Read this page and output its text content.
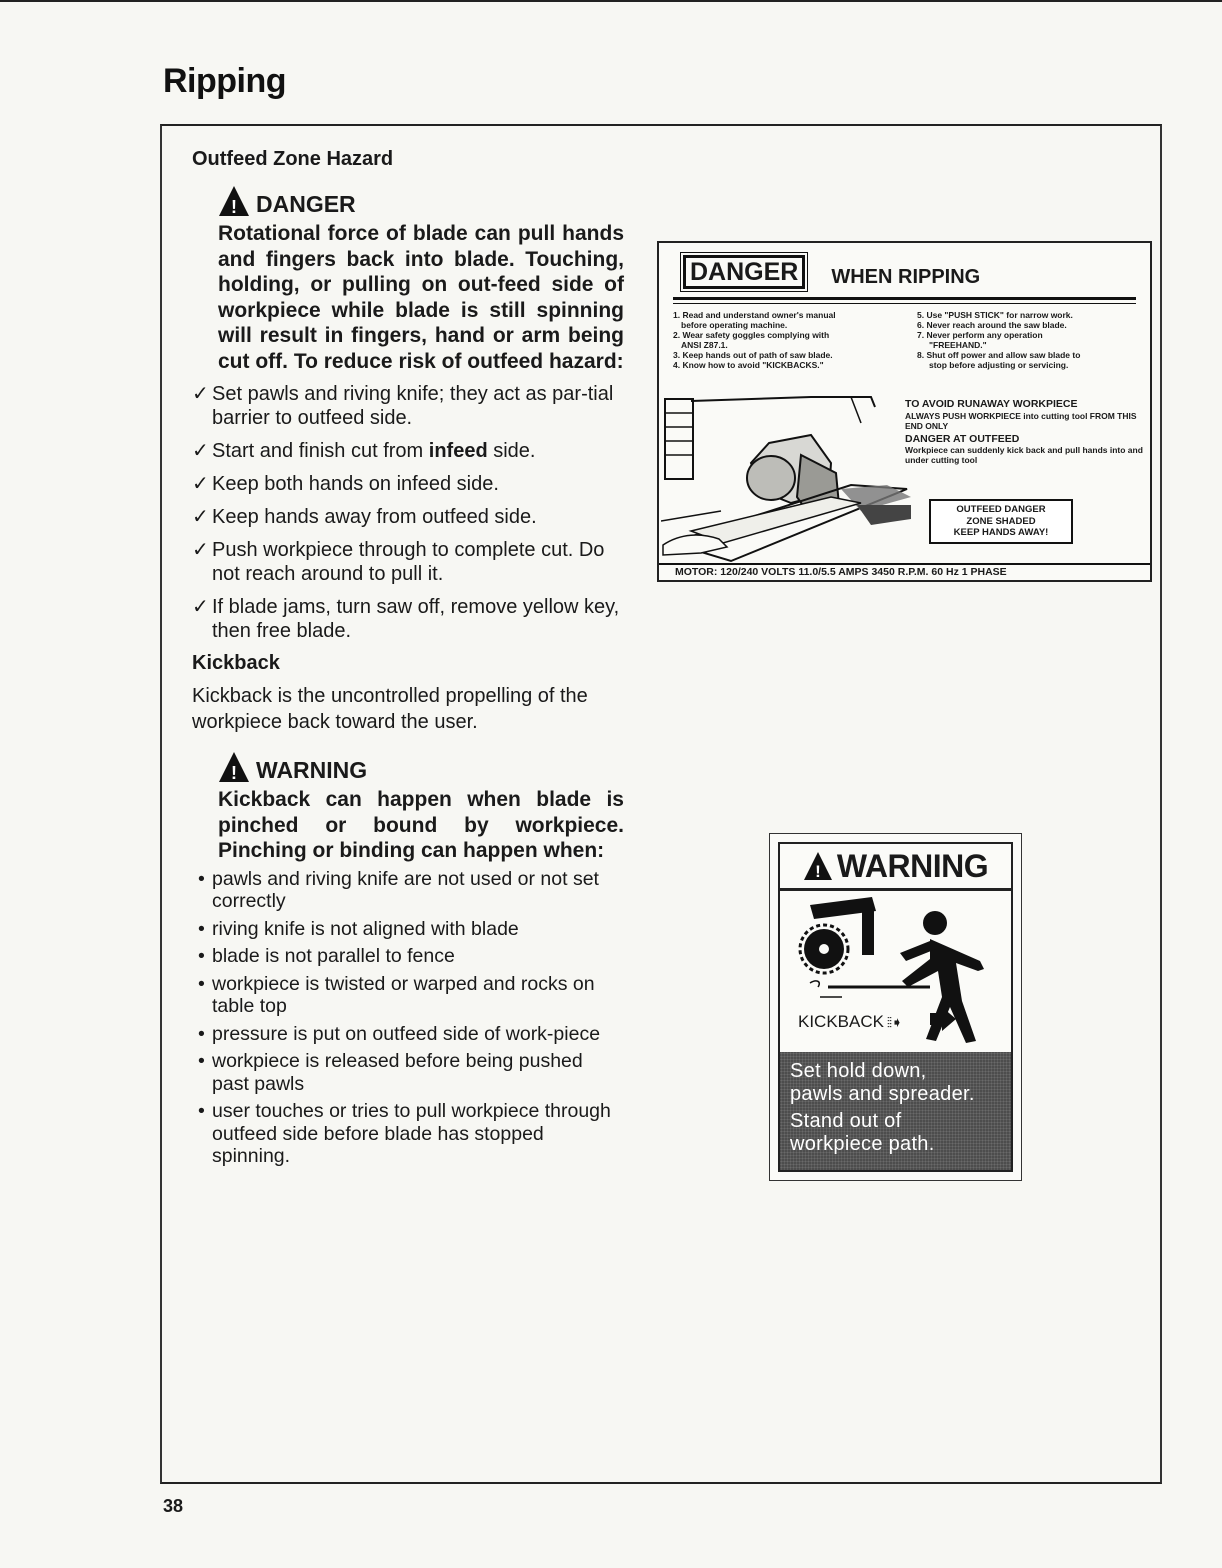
Ripping
Outfeed Zone Hazard
! DANGER

Rotational force of blade can pull hands and fingers back into blade. Touching, holding, or pulling on out-feed side of workpiece while blade is still spinning will result in fingers, hand or arm being cut off. To reduce risk of outfeed hazard:

✓ Set pawls and riving knife; they act as par-tial barrier to outfeed side.
✓ Start and finish cut from infeed side.
✓ Keep both hands on infeed side.
✓ Keep hands away from outfeed side.
✓ Push workpiece through to complete cut. Do not reach around to pull it.
✓ If blade jams, turn saw off, remove yellow key, then free blade.
Kickback

Kickback is the uncontrolled propelling of the workpiece back toward the user.

! WARNING

Kickback can happen when blade is pinched or bound by workpiece. Pinching or binding can happen when:

• pawls and riving knife are not used or not set correctly
• riving knife is not aligned with blade
• blade is not parallel to fence
• workpiece is twisted or warped and rocks on table top
• pressure is put on outfeed side of work-piece
• workpiece is released before being pushed past pawls
• user touches or tries to pull workpiece through outfeed side before blade has stopped spinning.
DANGER	WHEN RIPPING
1. Read and understand owner's manual
before operating machine.
2. Wear safety goggles complying with
ANSI Z87.1.
3. Keep hands out of path of saw blade.
4. Know how to avoid "KICKBACKS."
5. Use "PUSH STICK" for narrow work.
6. Never reach around the saw blade.
7. Never perform any operation
"FREEHAND."
8. Shut off power and allow saw blade to
stop before adjusting or servicing.

TO AVOID RUNAWAY WORKPIECE

ALWAYS PUSH WORKPIECE into cutting tool FROM THIS END ONLY

DANGER AT OUTFEED

Workpiece can suddenly kick back and pull hands into and under cutting tool

OUTFEED DANGER
ZONE SHADED
KEEP HANDS AWAY!
MOTOR: 120/240 VOLTS 11.0/5.5 AMPS 3450 R.P.M. 60 Hz 1 PHASE
! WARNING
KICKBACK ⦙⦙➧

Set hold down,
pawls and spreader.

Stand out of
workpiece path.

38
